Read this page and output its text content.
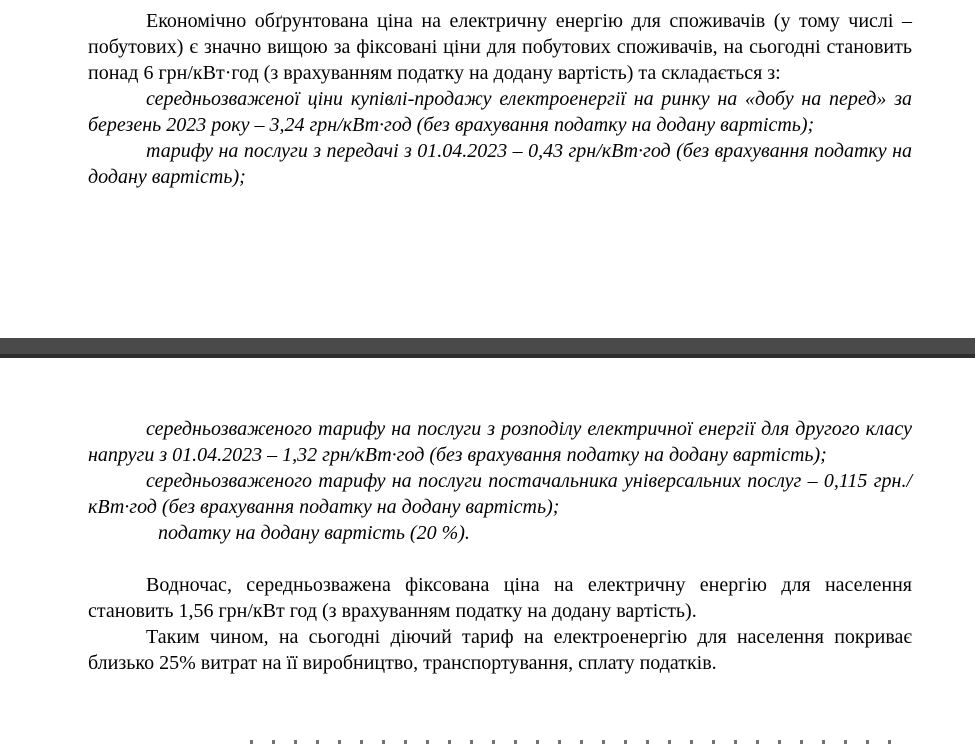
Економічно обґрунтована ціна на електричну енергію для споживачів (у тому числі – побутових) є значно вищою за фіксовані ціни для побутових споживачів, на сьогодні становить понад 6 грн/кВт·год (з врахуванням податку на додану вартість) та складається з:

середньозваженої ціни купівлі-продажу електроенергії на ринку на «добу на перед» за березень 2023 року – 3,24 грн/кВт·год (без врахування податку на додану вартість);

тарифу на послуги з передачі з 01.04.2023 – 0,43 грн/кВт·год (без врахування податку на додану вартість);

середньозваженого тарифу на послуги з розподілу електричної енергії для другого класу напруги з 01.04.2023 – 1,32 грн/кВт·год (без врахування податку на додану вартість);

середньозваженого тарифу на послуги постачальника універсальних послуг – 0,115 грн./кВт·год (без врахування податку на додану вартість);

податку на додану вартість (20 %).

Водночас, середньозважена фіксована ціна на електричну енергію для населення становить 1,56 грн/кВт год (з врахуванням податку на додану вартість).

Таким чином, на сьогодні діючий тариф на електроенергію для населення покриває близько 25% витрат на її виробництво, транспортування, сплату податків.
